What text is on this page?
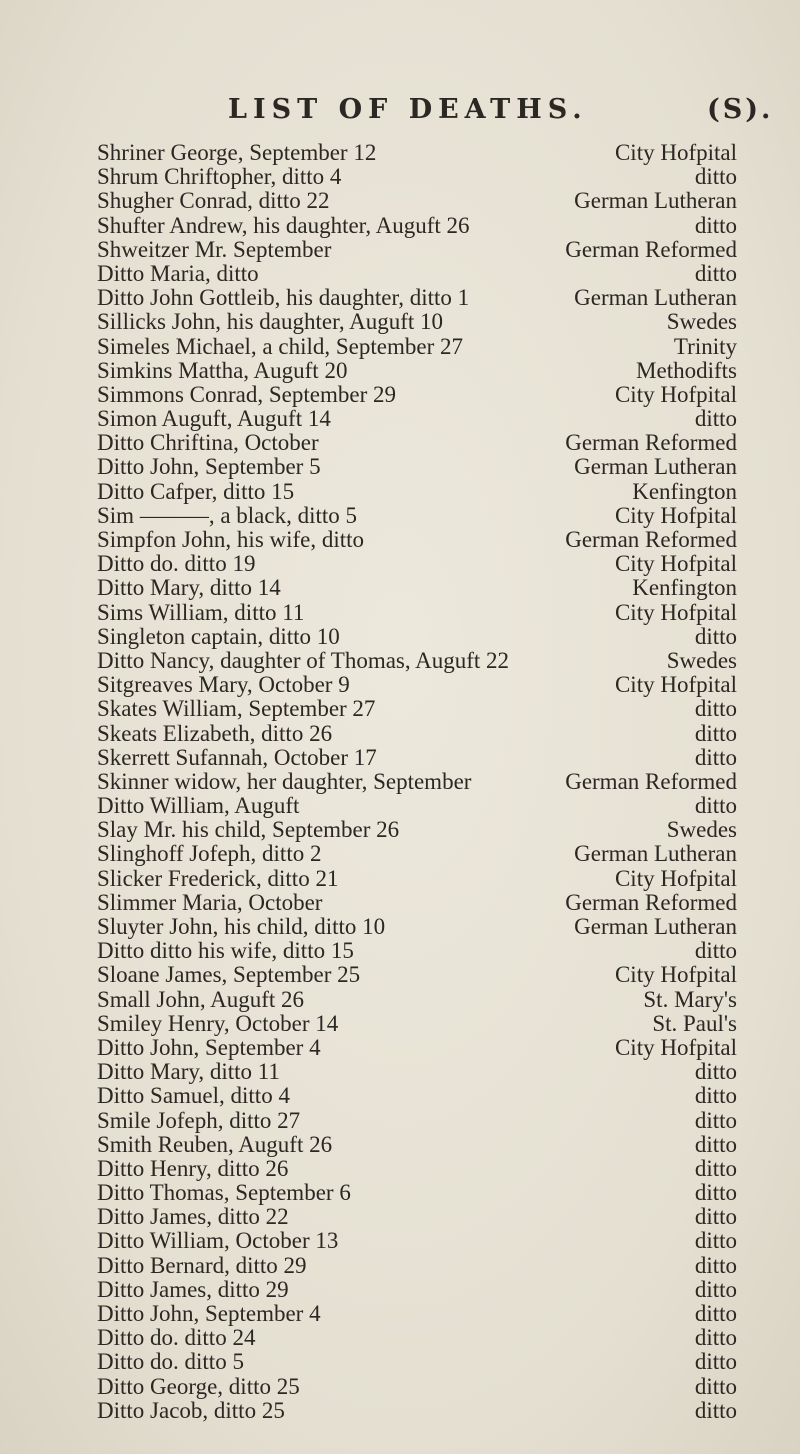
LIST OF DEATHS.	(S).
Shriner George, September 12	City Hofpital
Shrum Chriftopher, ditto 4	ditto
Shugher Conrad, ditto 22	German Lutheran
Shufter Andrew, his daughter, Auguft 26	ditto
Shweitzer Mr. September	German Reformed
Ditto Maria, ditto	ditto
Ditto John Gottleib, his daughter, ditto 1	German Lutheran
Sillicks John, his daughter, Auguft 10	Swedes
Simeles Michael, a child, September 27	Trinity
Simkins Mattha, Auguft 20	Methodifts
Simmons Conrad, September 29	City Hofpital
Simon Auguft, Auguft 14	ditto
Ditto Chriftina, October	German Reformed
Ditto John, September 5	German Lutheran
Ditto Cafper, ditto 15	Kenfington
Sim ———, a black, ditto 5	City Hofpital
Simpfon John, his wife, ditto	German Reformed
Ditto do. ditto 19	City Hofpital
Ditto Mary, ditto 14	Kenfington
Sims William, ditto 11	City Hofpital
Singleton captain, ditto 10	ditto
Ditto Nancy, daughter of Thomas, Auguft 22	Swedes
Sitgreaves Mary, October 9	City Hofpital
Skates William, September 27	ditto
Skeats Elizabeth, ditto 26	ditto
Skerrett Sufannah, October 17	ditto
Skinner widow, her daughter, September	German Reformed
Ditto William, Auguft	ditto
Slay Mr. his child, September 26	Swedes
Slinghoff Jofeph, ditto 2	German Lutheran
Slicker Frederick, ditto 21	City Hofpital
Slimmer Maria, October	German Reformed
Sluyter John, his child, ditto 10	German Lutheran
Ditto ditto his wife, ditto 15	ditto
Sloane James, September 25	City Hofpital
Small John, Auguft 26	St. Mary's
Smiley Henry, October 14	St. Paul's
Ditto John, September 4	City Hofpital
Ditto Mary, ditto 11	ditto
Ditto Samuel, ditto 4	ditto
Smile Jofeph, ditto 27	ditto
Smith Reuben, Auguft 26	ditto
Ditto Henry, ditto 26	ditto
Ditto Thomas, September 6	ditto
Ditto James, ditto 22	ditto
Ditto William, October 13	ditto
Ditto Bernard, ditto 29	ditto
Ditto James, ditto 29	ditto
Ditto John, September 4	ditto
Ditto do. ditto 24	ditto
Ditto do. ditto 5	ditto
Ditto George, ditto 25	ditto
Ditto Jacob, ditto 25	ditto
